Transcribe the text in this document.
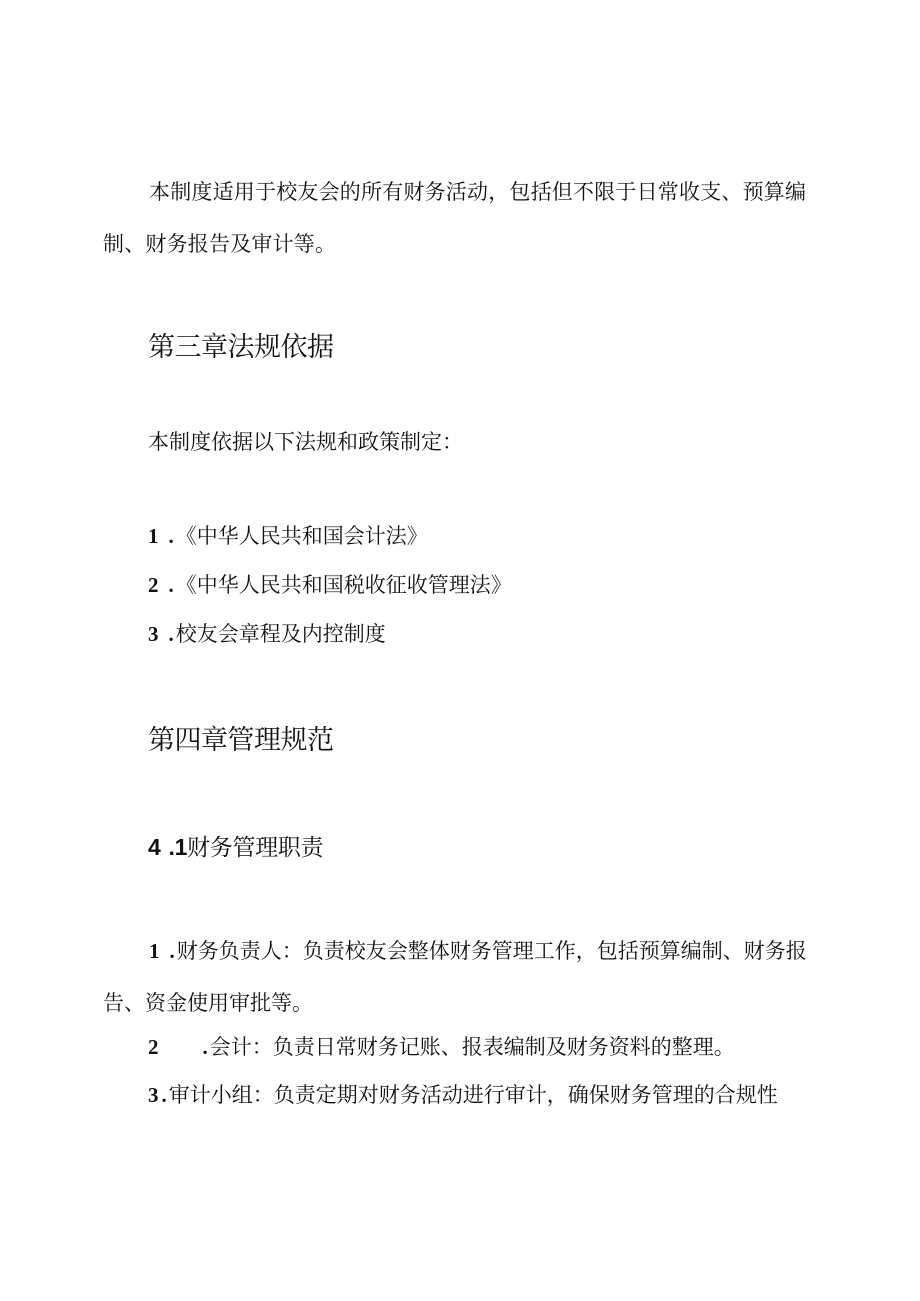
本制度适用于校友会的所有财务活动，包括但不限于日常收支、预算编制、财务报告及审计等。

第三章法规依据
本制度依据以下法规和政策制定：
1 .《中华人民共和国会计法》
2 .《中华人民共和国税收征收管理法》
3 .校友会章程及内控制度
第四章管理规范
4 .1财务管理职责

1 .财务负责人：负责校友会整体财务管理工作，包括预算编制、财务报告、资金使用审批等。

2 .会计：负责日常财务记账、报表编制及财务资料的整理。
3 .审计小组：负责定期对财务活动进行审计，确保财务管理的合规性
